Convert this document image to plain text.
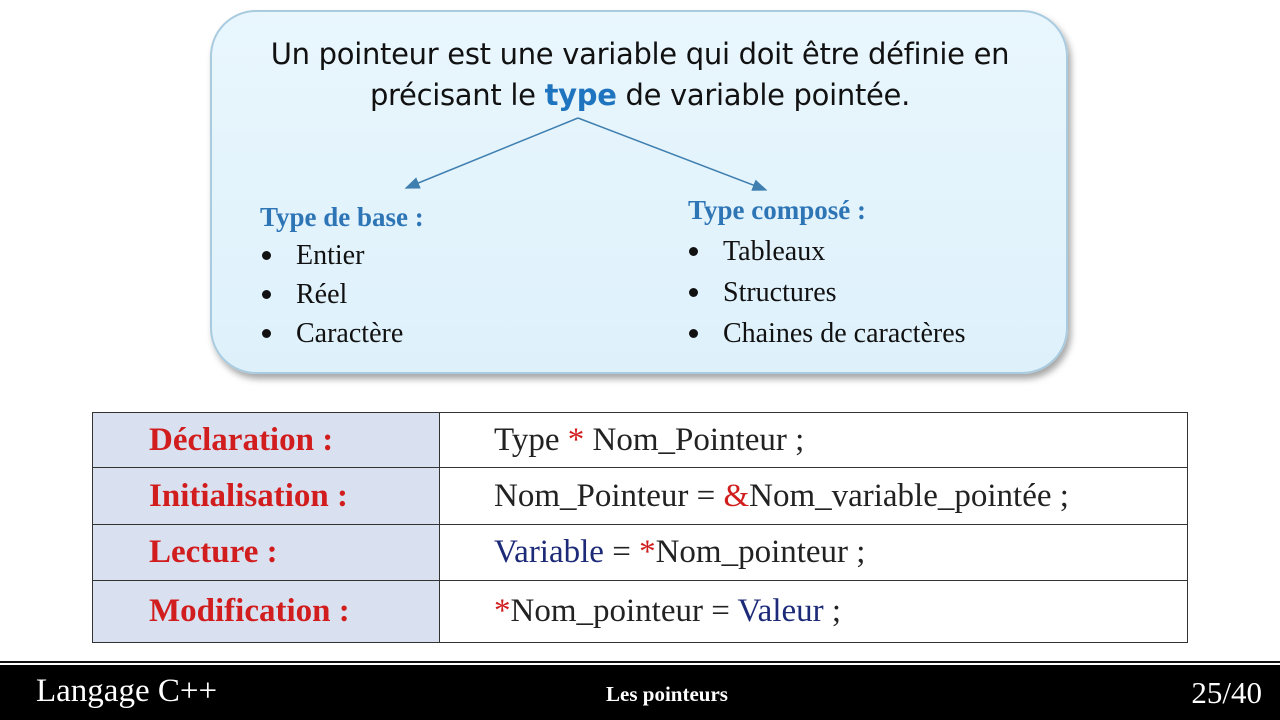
Un pointeur est une variable qui doit être définie en
précisant le type de variable pointée.
Type de base :
Entier
Réel
Caractère
Type composé :
Tableaux
Structures
Chaines de caractères
Déclaration :	Type * Nom_Pointeur ;
Initialisation :	Nom_Pointeur = &Nom_variable_pointée ;
Lecture :	Variable = *Nom_pointeur ;
Modification :	*Nom_pointeur = Valeur ;
Langage C++	Les pointeurs	25/40
